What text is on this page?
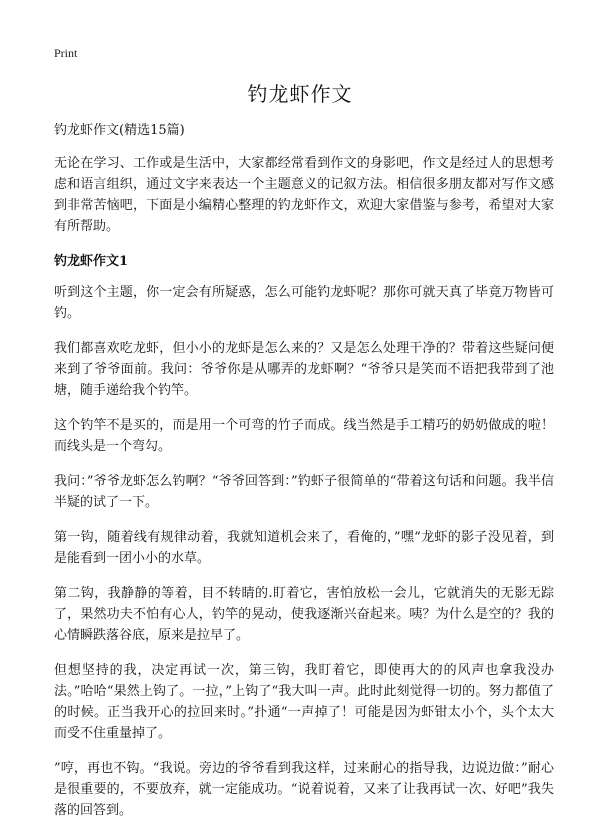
Print
钓龙虾作文

钓龙虾作文(精选15篇)

无论在学习、工作或是生活中，大家都经常看到作文的身影吧，作文是经过人的思想考虑和语言组织，通过文字来表达一个主题意义的记叙方法。相信很多朋友都对写作文感到非常苦恼吧，下面是小编精心整理的钓龙虾作文，欢迎大家借鉴与参考，希望对大家有所帮助。

钓龙虾作文1

听到这个主题，你一定会有所疑惑，怎么可能钓龙虾呢？那你可就天真了毕竟万物皆可钓。

我们都喜欢吃龙虾，但小小的龙虾是怎么来的？又是怎么处理干净的？带着这些疑问便来到了爷爷面前。我问：爷爷你是从哪弄的龙虾啊？“爷爷只是笑而不语把我带到了池塘，随手递给我个钓竿。

这个钓竿不是买的，而是用一个可弯的竹子而成。线当然是手工精巧的奶奶做成的啦！而线头是一个弯勾。

我问：”爷爷龙虾怎么钓啊？“爷爷回答到：”钓虾子很简单的“带着这句话和问题。我半信半疑的试了一下。

第一钩，随着线有规律动着，我就知道机会来了，看俺的，”嘿“龙虾的影子没见着，到是能看到一团小小的水草。

第二钩，我静静的等着，目不转睛的.盯着它，害怕放松一会儿，它就消失的无影无踪了，果然功夫不怕有心人，钓竿的晃动，使我逐渐兴奋起来。咦？为什么是空的？我的心情瞬跌落谷底，原来是拉早了。

但想坚持的我，决定再试一次，第三钩，我盯着它，即使再大的的风声也拿我没办法。”哈哈“果然上钩了。一拉，”上钩了“我大叫一声。此时此刻觉得一切的。努力都值了的时候。正当我开心的拉回来时。”扑通“一声掉了！可能是因为虾钳太小个，头个太大而受不住重量掉了。

”哼，再也不钩。“我说。旁边的爷爷看到我这样，过来耐心的指导我，边说边做：”耐心是很重要的，不要放弃，就一定能成功。“说着说着，又来了让我再试一次、好吧”我失落的回答到。
